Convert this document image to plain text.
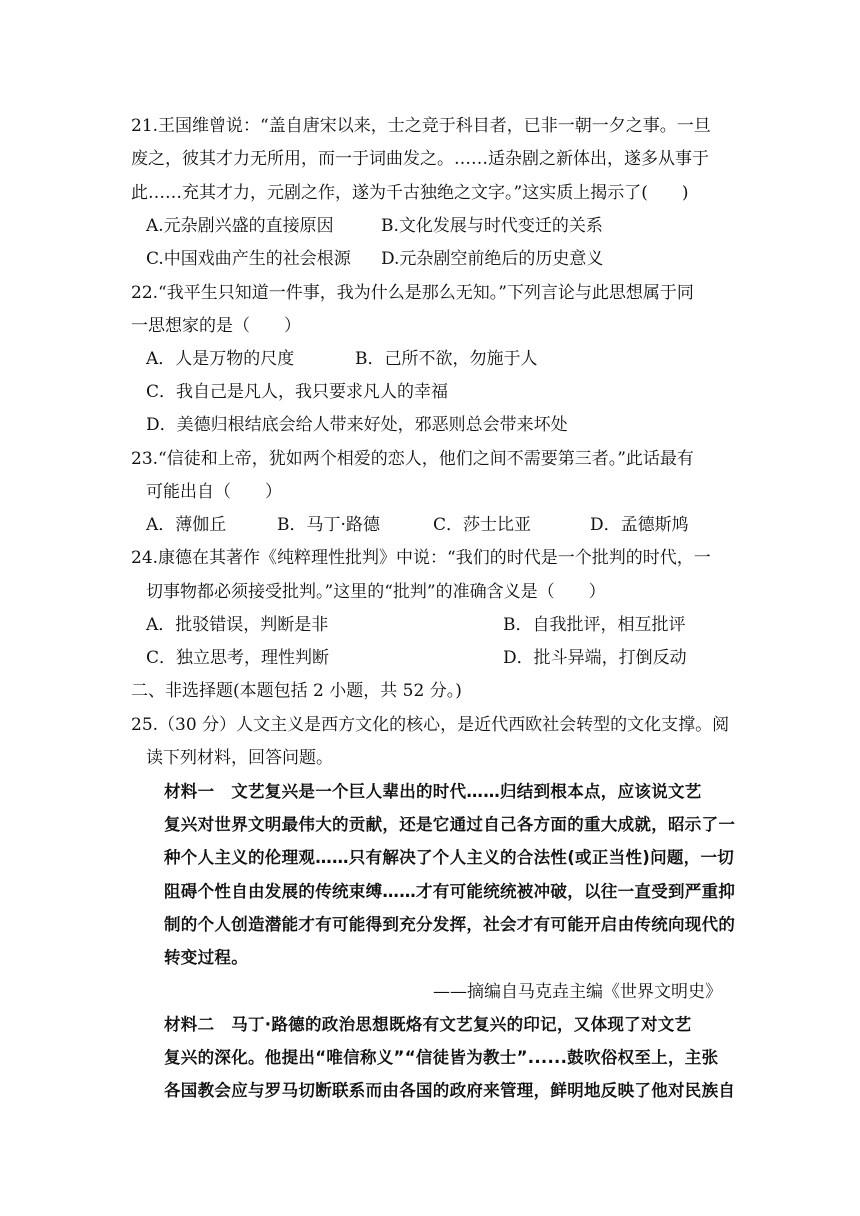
21.王国维曾说：“盖自唐宋以来，士之竞于科目者，已非一朝一夕之事。一旦
废之，彼其才力无所用，而一于词曲发之。……适杂剧之新体出，遂多从事于
此……充其才力，元剧之作，遂为千古独绝之文字。”这实质上揭示了(　　)
A.元杂剧兴盛的直接原因	B.文化发展与时代变迁的关系
C.中国戏曲产生的社会根源 D.元杂剧空前绝后的历史意义
22.“我平生只知道一件事，我为什么是那么无知。”下列言论与此思想属于同
一思想家的是（　　）
A．人是万物的尺度	B．己所不欲，勿施于人
C．我自己是凡人，我只要求凡人的幸福
D．美德归根结底会给人带来好处，邪恶则总会带来坏处
23.“信徒和上帝，犹如两个相爱的恋人，他们之间不需要第三者。”此话最有
可能出自（　　）
A．薄伽丘	B．马丁·路德	C．莎士比亚	D．孟德斯鸠
24.康德在其著作《纯粹理性批判》中说：“我们的时代是一个批判的时代，一
切事物都必须接受批判。”这里的“批判”的准确含义是（　　）
A．批驳错误，判断是非	B．自我批评，相互批评
C．独立思考，理性判断	D．批斗异端，打倒反动
二、非选择题(本题包括 2 小题，共 52 分。)
25.（30 分）人文主义是西方文化的核心，是近代西欧社会转型的文化支撑。阅
读下列材料，回答问题。
材料一　文艺复兴是一个巨人辈出的时代……归结到根本点，应该说文艺
复兴对世界文明最伟大的贡献，还是它通过自己各方面的重大成就，昭示了一
种个人主义的伦理观……只有解决了个人主义的合法性(或正当性)问题，一切
阻碍个性自由发展的传统束缚……才有可能统统被冲破，以往一直受到严重抑
制的个人创造潜能才有可能得到充分发挥，社会才有可能开启由传统向现代的
转变过程。
——摘编自马克垚主编《世界文明史》
材料二　马丁·路德的政治思想既烙有文艺复兴的印记，又体现了对文艺
复兴的深化。他提出“唯信称义”“信徒皆为教士”......鼓吹俗权至上，主张
各国教会应与罗马切断联系而由各国的政府来管理，鲜明地反映了他对民族自
